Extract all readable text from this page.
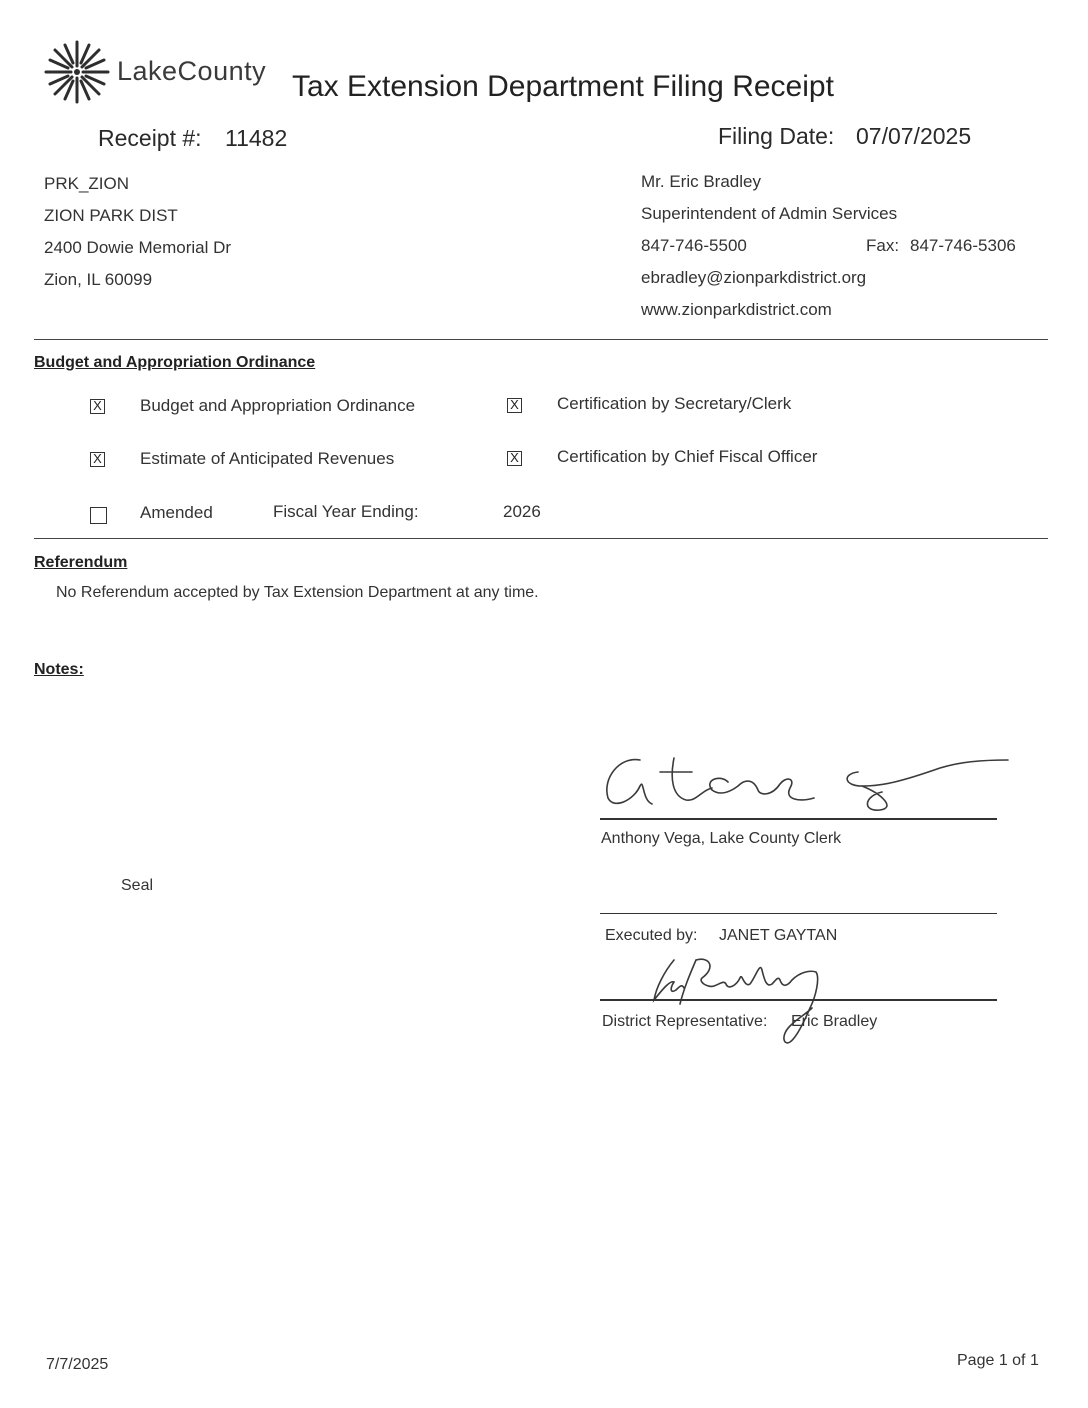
LakeCounty Tax Extension Department Filing Receipt
Receipt #: 11482	Filing Date: 07/07/2025
PRK_ZION
ZION PARK DIST
2400 Dowie Memorial Dr
Zion, IL 60099
Mr. Eric Bradley
Superintendent of Admin Services
847-746-5500	Fax: 847-746-5306
ebradley@zionparkdistrict.org
www.zionparkdistrict.com
Budget and Appropriation Ordinance
X Budget and Appropriation Ordinance	X Certification by Secretary/Clerk
X Estimate of Anticipated Revenues	X Certification by Chief Fiscal Officer
Amended	Fiscal Year Ending:	2026
Referendum
No Referendum accepted by Tax Extension Department at any time.
Notes:
Anthony Vega, Lake County Clerk
Seal
Executed by: JANET GAYTAN
District Representative: Eric Bradley
7/7/2025	Page 1 of 1
